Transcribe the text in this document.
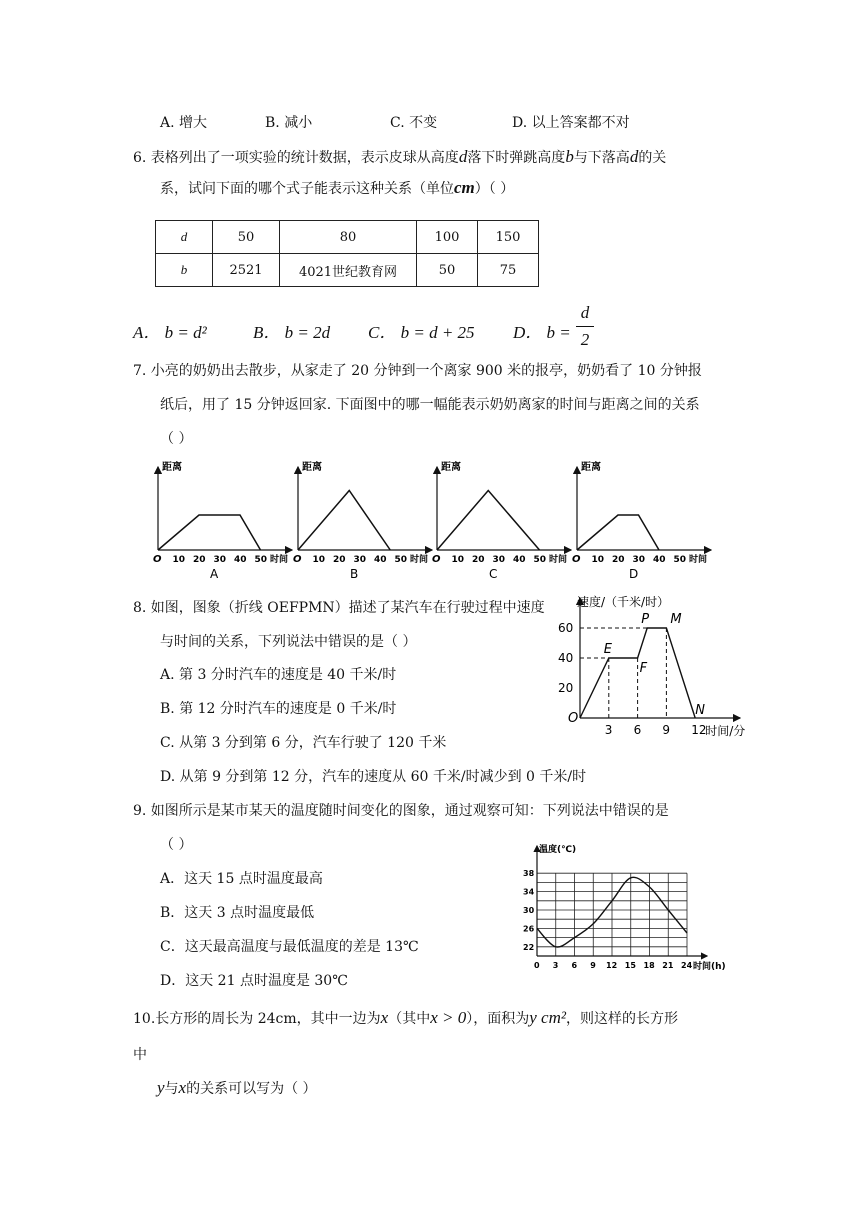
A. 增大	B. 减小	C. 不变	D. 以上答案都不对
6. 表格列出了一项实验的统计数据，表示皮球从高度d落下时弹跳高度b与下落高d的关
系，试问下面的哪个式子能表示这种关系（单位cm）（ ）
d	50	80	100	150
b	2521	4021世纪教育网	50	75
A． b = d²	B． b = 2d C． b = d + 25 D． b =
d
2
7. 小亮的奶奶出去散步，从家走了 20 分钟到一个离家 900 米的报亭，奶奶看了 10 分钟报
纸后，用了 15 分钟返回家. 下面图中的哪一幅能表示奶奶离家的时间与距离之间的关系
（ ）
距离
O 10 20 30 40 50 时间
A
距离
O 10 20 30 40 50 时间
B
距离
O 10 20 30 40 50 时间
C
距离
O 10 20 30 40 50 时间
D
8. 如图，图象（折线 OEFPMN）描述了某汽车在行驶过程中速度
与时间的关系，下列说法中错误的是（ ）
A. 第 3 分时汽车的速度是 40 千米/时
B. 第 12 分时汽车的速度是 0 千米/时
C. 从第 3 分到第 6 分，汽车行驶了 120 千米
D. 从第 9 分到第 12 分，汽车的速度从 60 千米/时减少到 0 千米/时
速度/（千米/时）
时间/分
20
40
60
3 6 9 12
O
E
F
P M
N
9. 如图所示是某市某天的温度随时间变化的图象，通过观察可知：下列说法中错误的是
（ ）
A．这天 15 点时温度最高
B．这天 3 点时温度最低
C．这天最高温度与最低温度的差是 13℃
D．这天 21 点时温度是 30℃
温度(℃)
时间(h)
22
26
30
34
38
0 3 6 9 12 15 18 21 24
10.长方形的周长为 24cm，其中一边为x（其中x > 0），面积为y cm²，则这样的长方形
中
y与x的关系可以写为（ ）
